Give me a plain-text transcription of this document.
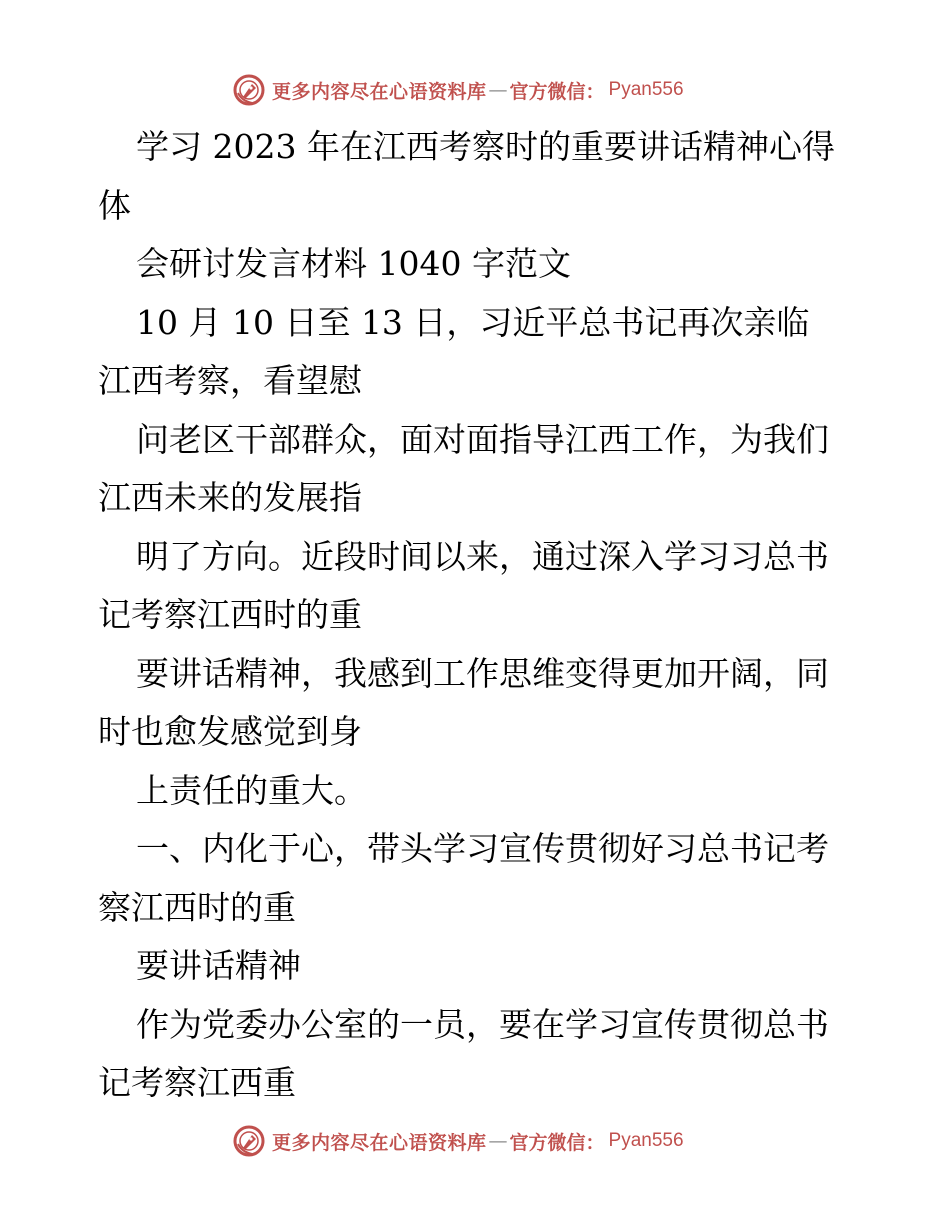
更多内容尽在心语资料库 — 官方微信： Pyan556
学习 2023 年在江西考察时的重要讲话精神心得
体
会研讨发言材料 1040 字范文
10 月 10 日至 13 日，习近平总书记再次亲临
江西考察，看望慰
问老区干部群众，面对面指导江西工作，为我们
江西未来的发展指
明了方向。近段时间以来，通过深入学习习总书
记考察江西时的重
要讲话精神，我感到工作思维变得更加开阔，同
时也愈发感觉到身
上责任的重大。
一、内化于心，带头学习宣传贯彻好习总书记考
察江西时的重
要讲话精神
作为党委办公室的一员，要在学习宣传贯彻总书
记考察江西重
更多内容尽在心语资料库 — 官方微信： Pyan556
